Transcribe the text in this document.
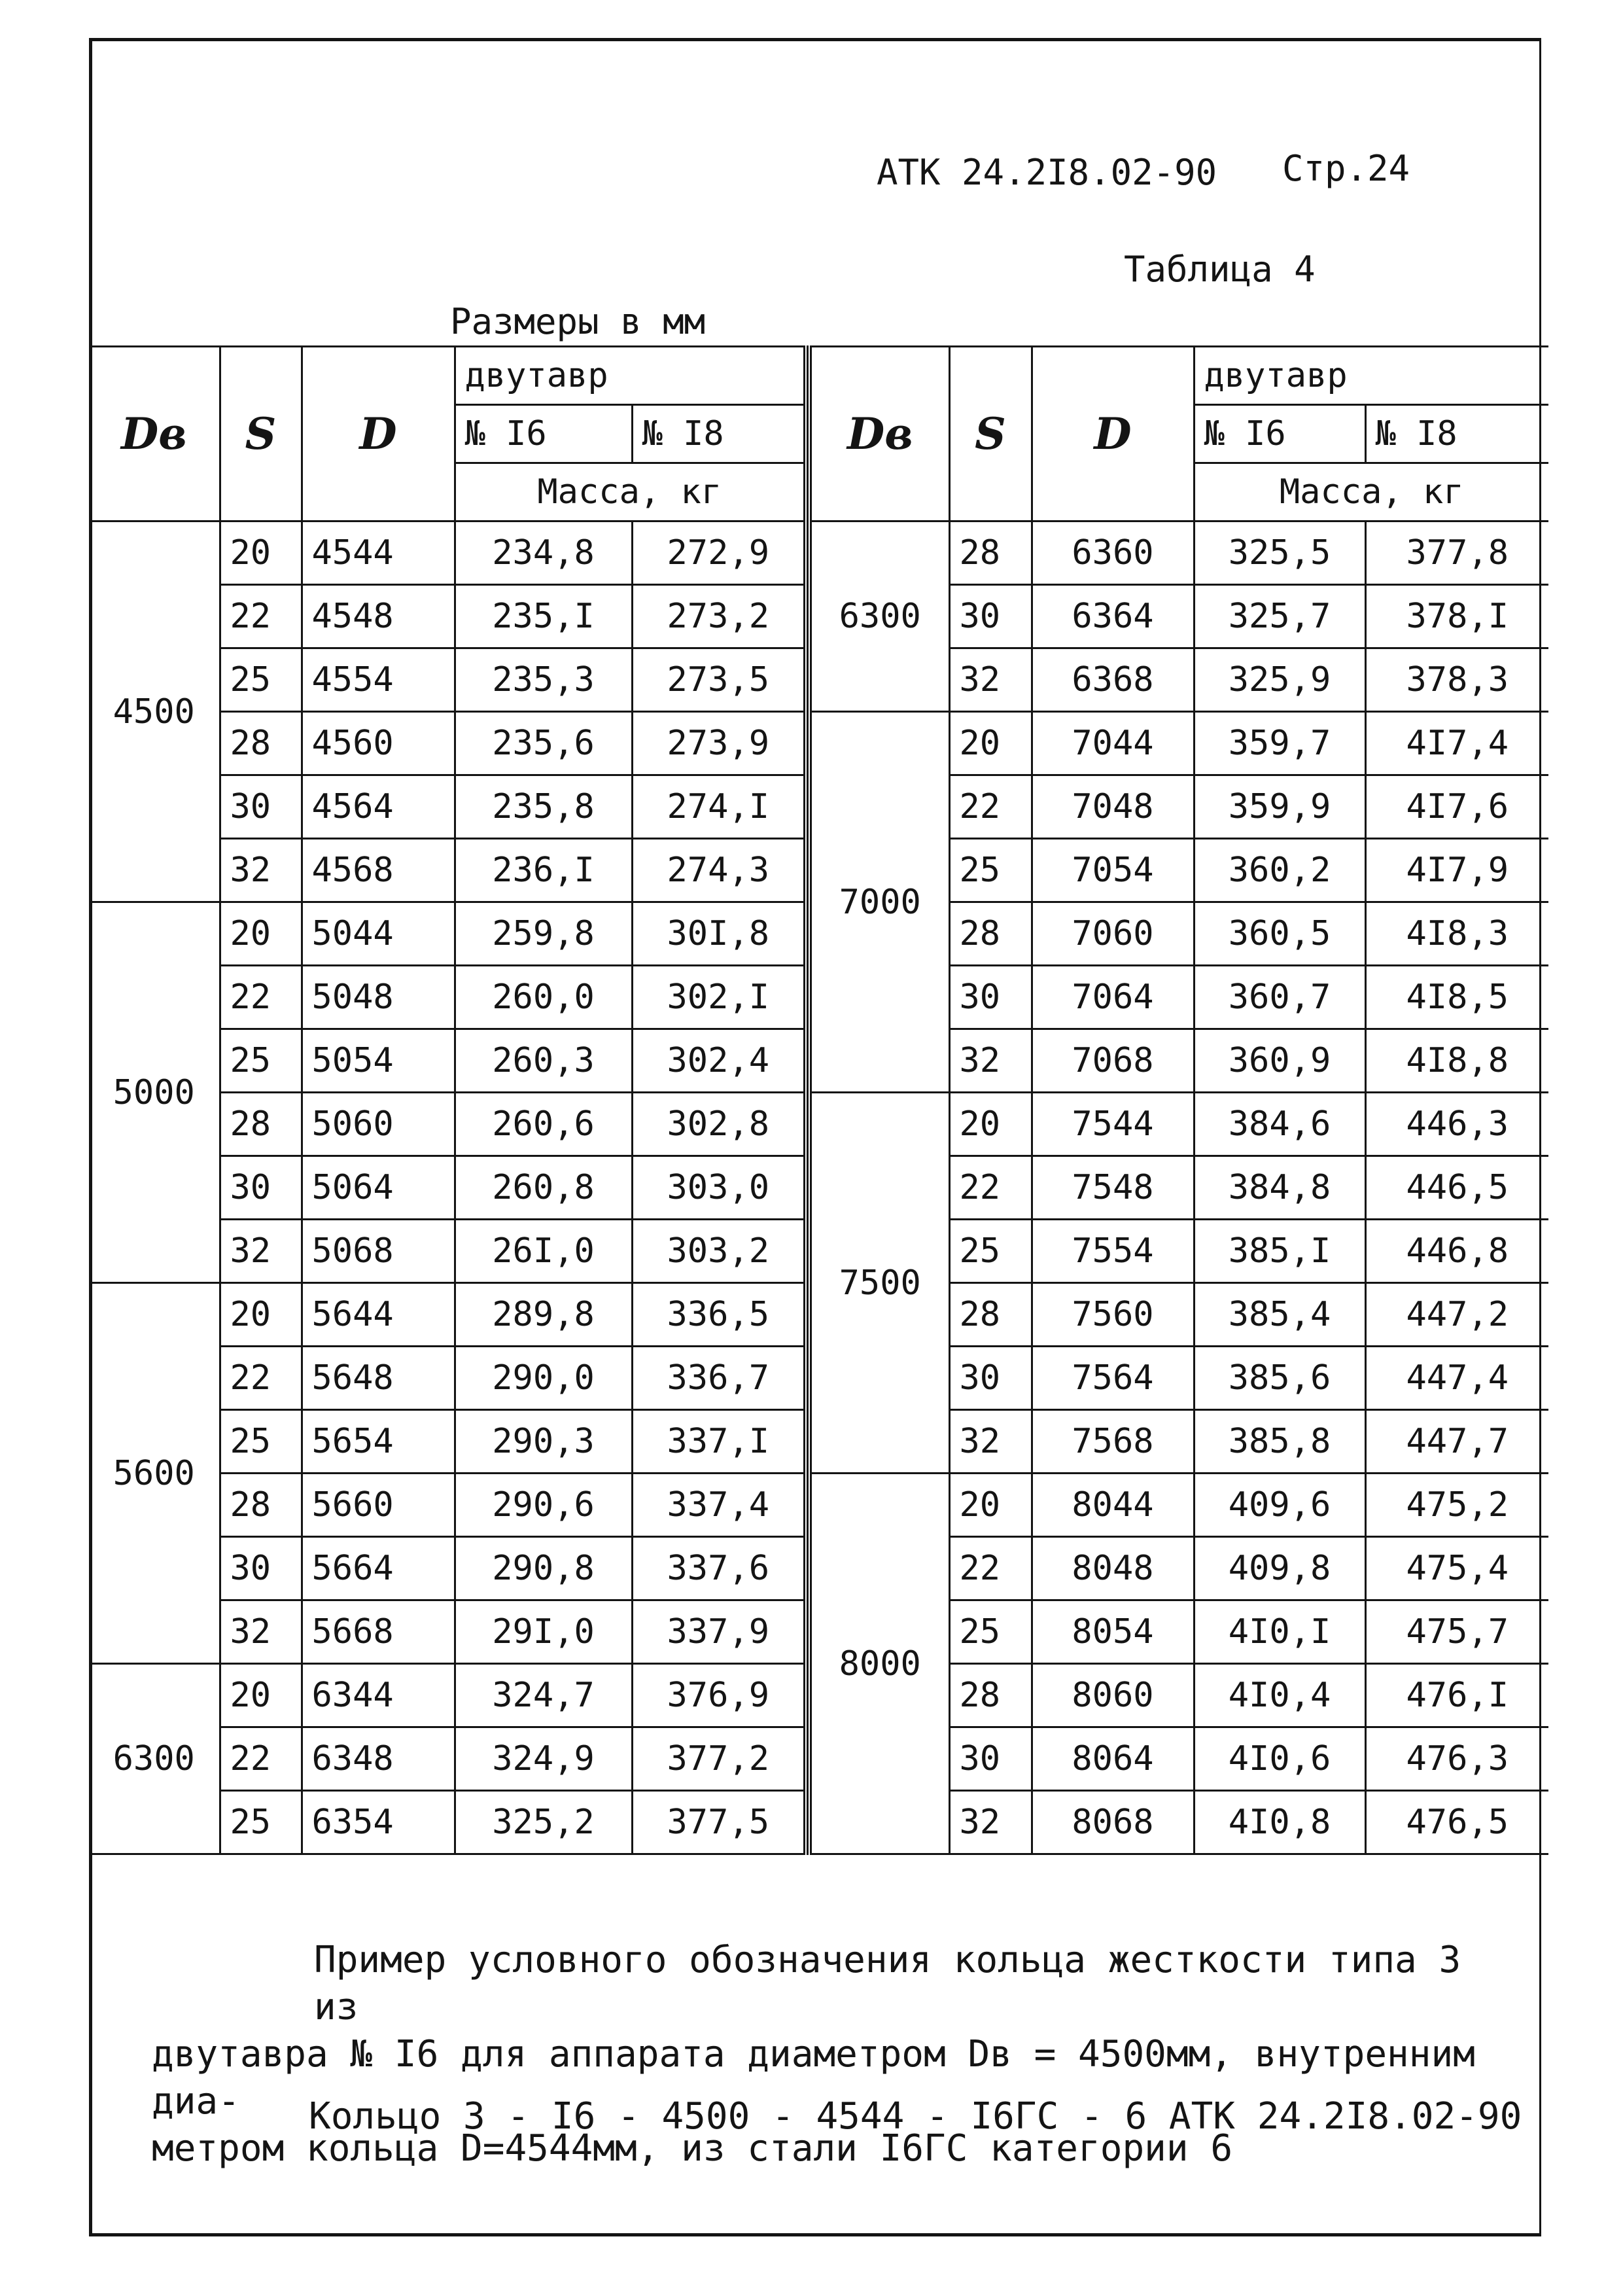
АТК 24.2I8.02-90 Стр.24
Таблица 4
Размеры в мм
Dв	S	D	двутавр	
			№ I6	№ I8
			Масса, кг	
4500	20	4544	234,8	272,9
	22	4548	235,I	273,2
	25	4554	235,3	273,5
	28	4560	235,6	273,9
	30	4564	235,8	274,I
	32	4568	236,I	274,3
5000	20	5044	259,8	30I,8
	22	5048	260,0	302,I
	25	5054	260,3	302,4
	28	5060	260,6	302,8
	30	5064	260,8	303,0
	32	5068	26I,0	303,2
5600	20	5644	289,8	336,5
	22	5648	290,0	336,7
	25	5654	290,3	337,I
	28	5660	290,6	337,4
	30	5664	290,8	337,6
	32	5668	29I,0	337,9
6300	20	6344	324,7	376,9
	22	6348	324,9	377,2
	25	6354	325,2	377,5
Dв	S	D	двутавр	
			№ I6	№ I8
			Масса, кг	
6300	28	6360	325,5	377,8
	30	6364	325,7	378,I
	32	6368	325,9	378,3
7000	20	7044	359,7	4I7,4
	22	7048	359,9	4I7,6
	25	7054	360,2	4I7,9
	28	7060	360,5	4I8,3
	30	7064	360,7	4I8,5
	32	7068	360,9	4I8,8
7500	20	7544	384,6	446,3
	22	7548	384,8	446,5
	25	7554	385,I	446,8
	28	7560	385,4	447,2
	30	7564	385,6	447,4
	32	7568	385,8	447,7
8000	20	8044	409,6	475,2
	22	8048	409,8	475,4
	25	8054	4I0,I	475,7
	28	8060	4I0,4	476,I
	30	8064	4I0,6	476,3
	32	8068	4I0,8	476,5

Пример условного обозначения кольца жесткости типа 3 из

двутавра № I6 для аппарата диаметром Dв = 4500мм, внутренним диа-

метром кольца D=4544мм, из стали I6ГС категории 6

Кольцо 3 - I6 - 4500 - 4544 - I6ГС - 6 АТК 24.2I8.02-90
